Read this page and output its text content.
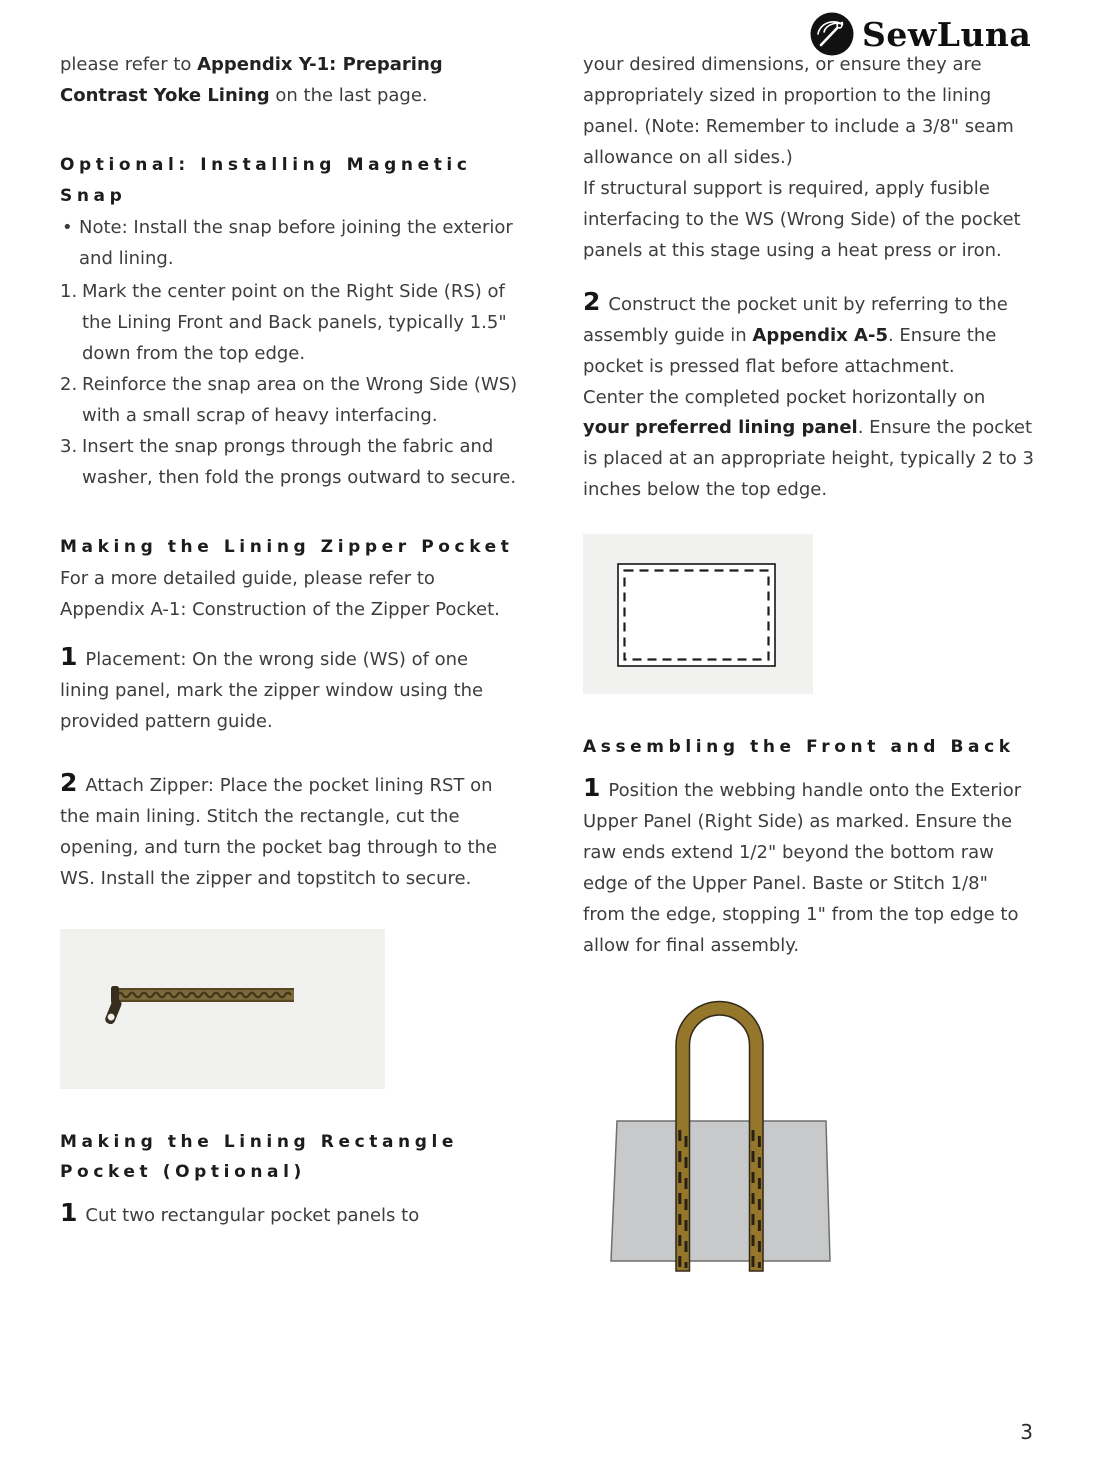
SewLuna

please refer to Appendix Y-1: Preparing Contrast Yoke Lining on the last page.

Optional: Installing Magnetic Snap
• Note: Install the snap before joining the exterior and lining.
1. Mark the center point on the Right Side (RS) of the Lining Front and Back panels, typically 1.5" down from the top edge.
2. Reinforce the snap area on the Wrong Side (WS) with a small scrap of heavy interfacing.
3. Insert the snap prongs through the fabric and washer, then fold the prongs outward to secure.
Making the Lining Zipper Pocket

For a more detailed guide, please refer to Appendix A-1: Construction of the Zipper Pocket.

1 Placement: On the wrong side (WS) of one lining panel, mark the zipper window using the provided pattern guide.

2 Attach Zipper: Place the pocket lining RST on the main lining. Stitch the rectangle, cut the opening, and turn the pocket bag through to the WS. Install the zipper and topstitch to secure.

Making the Lining Rectangle Pocket (Optional)

1 Cut two rectangular pocket panels to

your desired dimensions, or ensure they are appropriately sized in proportion to the lining panel. (Note: Remember to include a 3/8" seam allowance on all sides.)

If structural support is required, apply fusible interfacing to the WS (Wrong Side) of the pocket panels at this stage using a heat press or iron.

2 Construct the pocket unit by referring to the assembly guide in Appendix A-5. Ensure the pocket is pressed flat before attachment.

Center the completed pocket horizontally on your preferred lining panel. Ensure the pocket is placed at an appropriate height, typically 2 to 3 inches below the top edge.

Assembling the Front and Back

1 Position the webbing handle onto the Exterior Upper Panel (Right Side) as marked. Ensure the raw ends extend 1/2" beyond the bottom raw edge of the Upper Panel. Baste or Stitch 1/8" from the edge, stopping 1" from the top edge to allow for final assembly.

3
